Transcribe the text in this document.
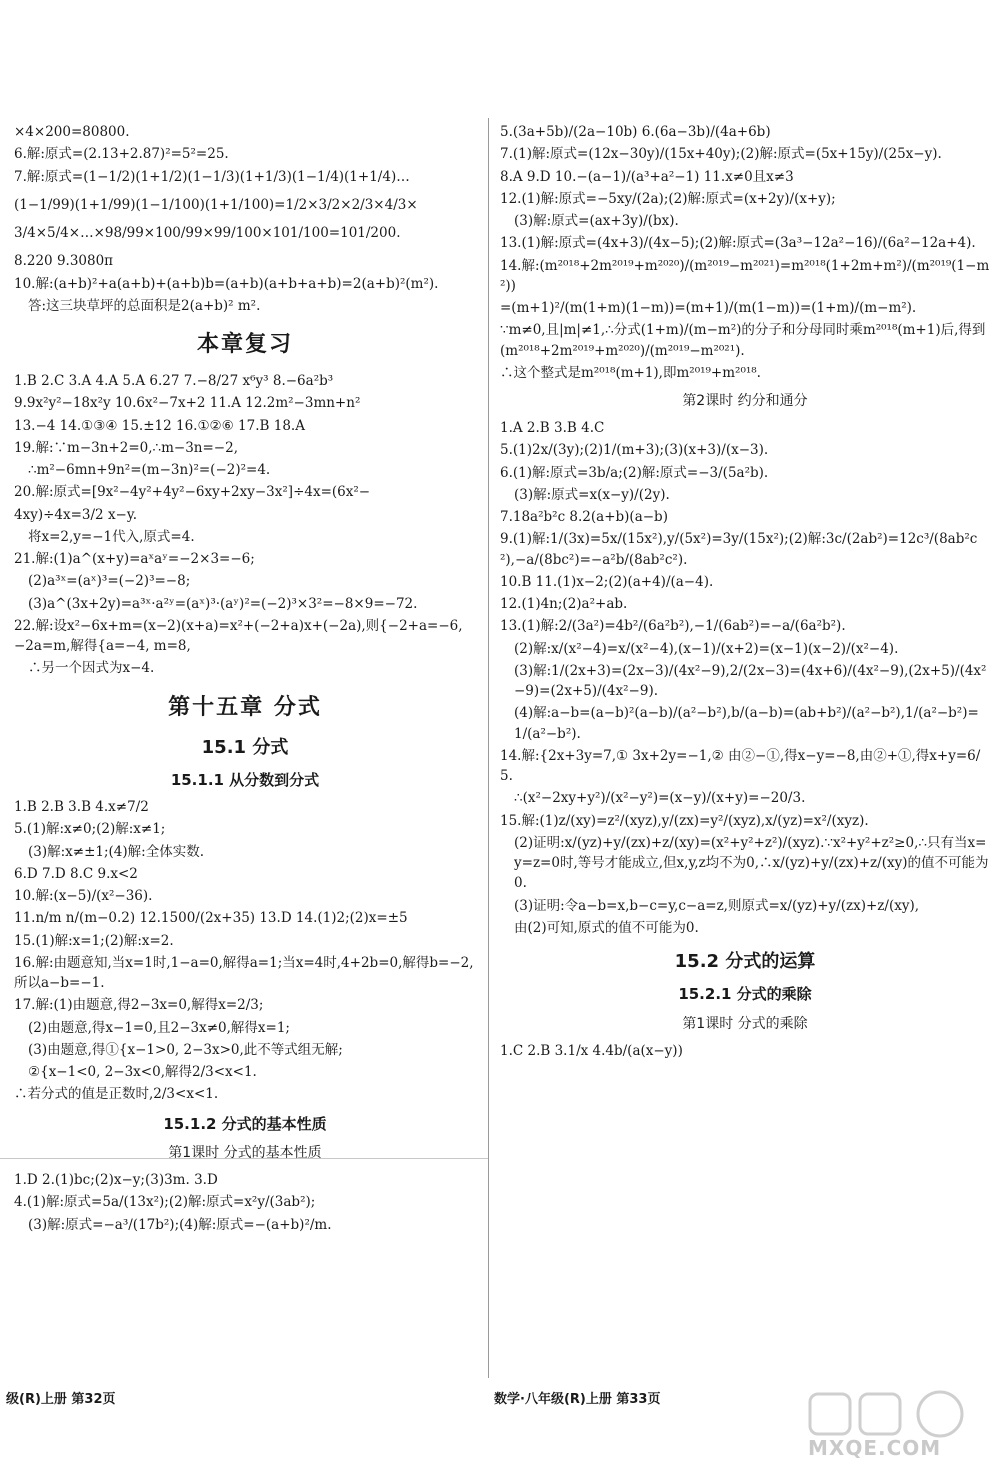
×4×200=80800.
6.解:原式=(2.13+2.87)²=5²=25.
7.解:原式=(1−1/2)(1+1/2)(1−1/3)(1+1/3)(1−1/4)(1+1/4)…
(1−1/99)(1+1/99)(1−1/100)(1+1/100)=1/2×3/2×2/3×4/3×
3/4×5/4×…×98/99×100/99×99/100×101/100=101/200.
8.220 9.3080π
10.解:(a+b)²+a(a+b)+(a+b)b=(a+b)(a+b+a+b)=2(a+b)²(m²).
答:这三块草坪的总面积是2(a+b)² m².
本章复习
1.B 2.C 3.A 4.A 5.A 6.27 7.−8/27 x⁶y³ 8.−6a²b³
9.9x²y²−18x²y 10.6x²−7x+2 11.A 12.2m²−3mn+n²
13.−4 14.①③④ 15.±12 16.①②⑥ 17.B 18.A
19.解:∵m−3n+2=0,∴m−3n=−2,
∴m²−6mn+9n²=(m−3n)²=(−2)²=4.
20.解:原式=[9x²−4y²+4y²−6xy+2xy−3x²]÷4x=(6x²−
4xy)÷4x=3/2 x−y.
将x=2,y=−1代入,原式=4.
21.解:(1)a^(x+y)=aˣaʸ=−2×3=−6;
(2)a³ˣ=(aˣ)³=(−2)³=−8;
(3)a^(3x+2y)=a³ˣ·a²ʸ=(aˣ)³·(aʸ)²=(−2)³×3²=−8×9=−72.
22.解:设x²−6x+m=(x−2)(x+a)=x²+(−2+a)x+(−2a),则{−2+a=−6, −2a=m,解得{a=−4, m=8,
∴另一个因式为x−4.
第十五章 分式
15.1 分式
15.1.1 从分数到分式
1.B 2.B 3.B 4.x≠7/2
5.(1)解:x≠0;(2)解:x≠1;
(3)解:x≠±1;(4)解:全体实数.
6.D 7.D 8.C 9.x<2
10.解:(x−5)/(x²−36).
11.n/m n/(m−0.2) 12.1500/(2x+35) 13.D 14.(1)2;(2)x=±5
15.(1)解:x=1;(2)解:x=2.
16.解:由题意知,当x=1时,1−a=0,解得a=1;当x=4时,4+2b=0,解得b=−2,所以a−b=−1.
17.解:(1)由题意,得2−3x=0,解得x=2/3;
(2)由题意,得x−1=0,且2−3x≠0,解得x=1;
(3)由题意,得①{x−1>0, 2−3x>0,此不等式组无解;
②{x−1<0, 2−3x<0,解得2/3<x<1.
∴若分式的值是正数时,2/3<x<1.
15.1.2 分式的基本性质
第1课时 分式的基本性质
1.D 2.(1)bc;(2)x−y;(3)3m. 3.D
4.(1)解:原式=5a/(13x²);(2)解:原式=x²y/(3ab²);
(3)解:原式=−a³/(17b²);(4)解:原式=−(a+b)²/m.
5.(3a+5b)/(2a−10b) 6.(6a−3b)/(4a+6b)
7.(1)解:原式=(12x−30y)/(15x+40y);(2)解:原式=(5x+15y)/(25x−y).
8.A 9.D 10.−(a−1)/(a³+a²−1) 11.x≠0且x≠3
12.(1)解:原式=−5xy/(2a);(2)解:原式=(x+2y)/(x+y);
(3)解:原式=(ax+3y)/(bx).
13.(1)解:原式=(4x+3)/(4x−5);(2)解:原式=(3a³−12a²−16)/(6a²−12a+4).
14.解:(m²⁰¹⁸+2m²⁰¹⁹+m²⁰²⁰)/(m²⁰¹⁹−m²⁰²¹)=m²⁰¹⁸(1+2m+m²)/(m²⁰¹⁹(1−m²))
=(m+1)²/(m(1+m)(1−m))=(m+1)/(m(1−m))=(1+m)/(m−m²).
∵m≠0,且|m|≠1,∴分式(1+m)/(m−m²)的分子和分母同时乘m²⁰¹⁸(m+1)后,得到(m²⁰¹⁸+2m²⁰¹⁹+m²⁰²⁰)/(m²⁰¹⁹−m²⁰²¹).
∴这个整式是m²⁰¹⁸(m+1),即m²⁰¹⁹+m²⁰¹⁸.
第2课时 约分和通分
1.A 2.B 3.B 4.C
5.(1)2x/(3y);(2)1/(m+3);(3)(x+3)/(x−3).
6.(1)解:原式=3b/a;(2)解:原式=−3/(5a²b).
(3)解:原式=x(x−y)/(2y).
7.18a²b²c 8.2(a+b)(a−b)
9.(1)解:1/(3x)=5x/(15x²),y/(5x²)=3y/(15x²);(2)解:3c/(2ab²)=12c³/(8ab²c²),−a/(8bc²)=−a²b/(8ab²c²).
10.B 11.(1)x−2;(2)(a+4)/(a−4).
12.(1)4n;(2)a²+ab.
13.(1)解:2/(3a²)=4b²/(6a²b²),−1/(6ab²)=−a/(6a²b²).
(2)解:x/(x²−4)=x/(x²−4),(x−1)/(x+2)=(x−1)(x−2)/(x²−4).
(3)解:1/(2x+3)=(2x−3)/(4x²−9),2/(2x−3)=(4x+6)/(4x²−9),(2x+5)/(4x²−9)=(2x+5)/(4x²−9).
(4)解:a−b=(a−b)²(a−b)/(a²−b²),b/(a−b)=(ab+b²)/(a²−b²),1/(a²−b²)=1/(a²−b²).
14.解:{2x+3y=7,① 3x+2y=−1,② 由②−①,得x−y=−8,由②+①,得x+y=6/5.
∴(x²−2xy+y²)/(x²−y²)=(x−y)/(x+y)=−20/3.
15.解:(1)z/(xy)=z²/(xyz),y/(zx)=y²/(xyz),x/(yz)=x²/(xyz).
(2)证明:x/(yz)+y/(zx)+z/(xy)=(x²+y²+z²)/(xyz).∵x²+y²+z²≥0,∴只有当x=y=z=0时,等号才能成立,但x,y,z均不为0,∴x/(yz)+y/(zx)+z/(xy)的值不可能为0.
(3)证明:令a−b=x,b−c=y,c−a=z,则原式=x/(yz)+y/(zx)+z/(xy),
由(2)可知,原式的值不可能为0.
15.2 分式的运算
15.2.1 分式的乘除
第1课时 分式的乘除
1.C 2.B 3.1/x 4.4b/(a(x−y))
级(R)上册 第32页	数学·八年级(R)上册 第33页
MXQE.COM
